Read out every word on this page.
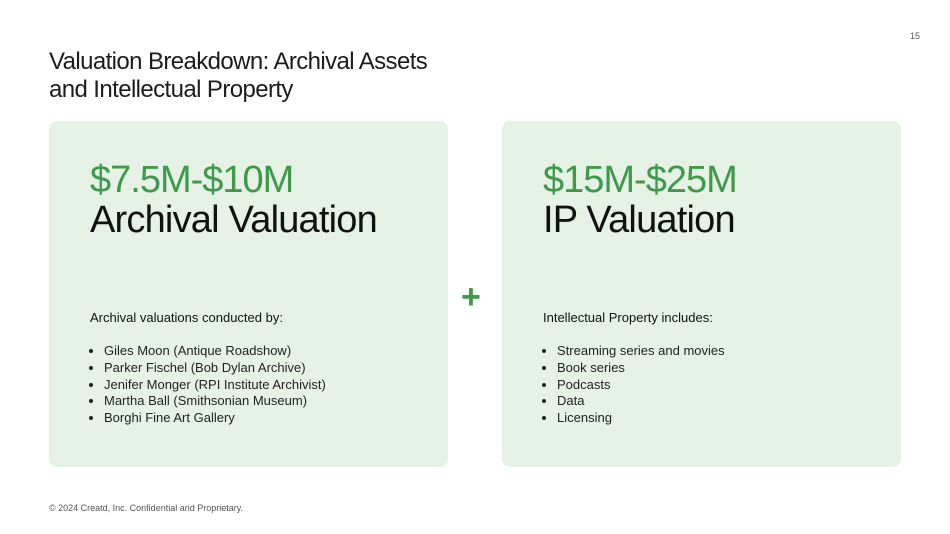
15
Valuation Breakdown: Archival Assets and Intellectual Property
$7.5M-$10M
Archival Valuation
Archival valuations conducted by:
• Giles Moon (Antique Roadshow)
• Parker Fischel (Bob Dylan Archive)
• Jenifer Monger (RPI Institute Archivist)
• Martha Ball (Smithsonian Museum)
• Borghi Fine Art Gallery
+
$15M-$25M
IP Valuation
Intellectual Property includes:
• Streaming series and movies
• Book series
• Podcasts
• Data
• Licensing
© 2024 Creatd, Inc. Confidential and Proprietary.
